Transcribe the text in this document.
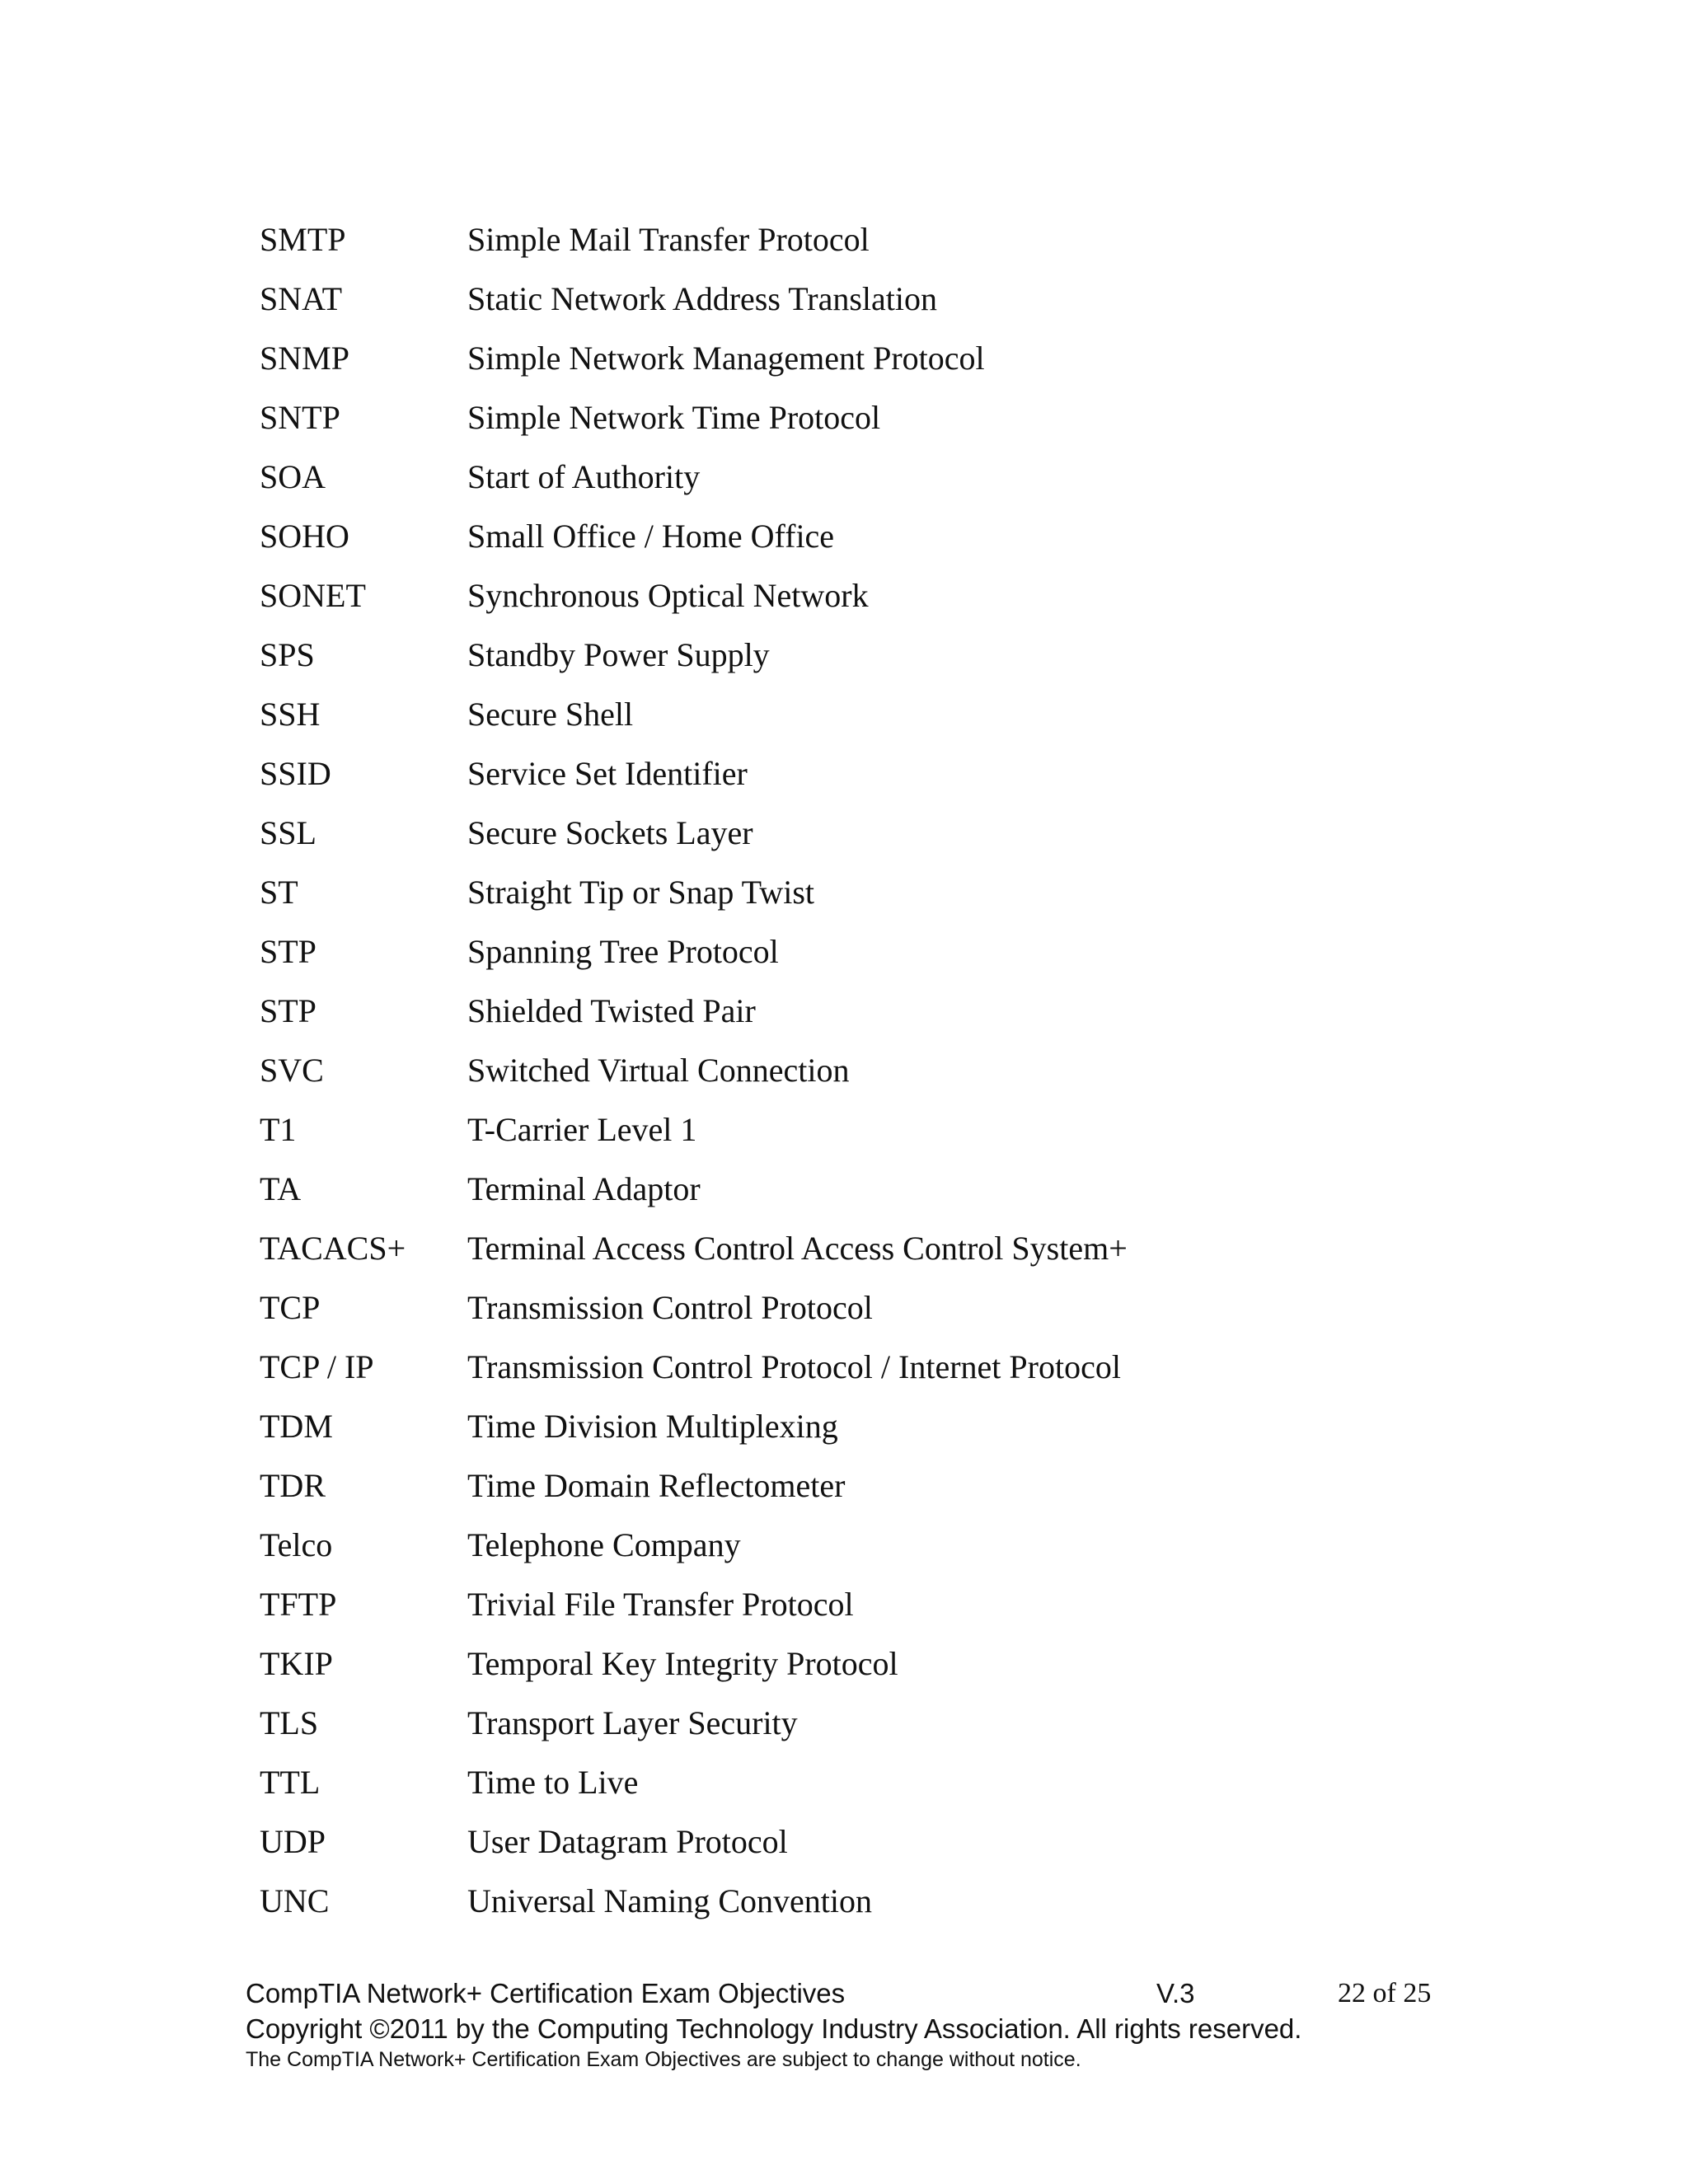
SMTP	Simple Mail Transfer Protocol
SNAT	Static Network Address Translation
SNMP	Simple Network Management Protocol
SNTP	Simple Network Time Protocol
SOA	Start of Authority
SOHO	Small Office / Home Office
SONET	Synchronous Optical Network
SPS	Standby Power Supply
SSH	Secure Shell
SSID	Service Set Identifier
SSL	Secure Sockets Layer
ST	Straight Tip or Snap Twist
STP	Spanning Tree Protocol
STP	Shielded Twisted Pair
SVC	Switched Virtual Connection
T1	T-Carrier Level 1
TA	Terminal Adaptor
TACACS+	Terminal Access Control Access Control System+
TCP	Transmission Control Protocol
TCP / IP	Transmission Control Protocol / Internet Protocol
TDM	Time Division Multiplexing
TDR	Time Domain Reflectometer
Telco	Telephone Company
TFTP	Trivial File Transfer Protocol
TKIP	Temporal Key Integrity Protocol
TLS	Transport Layer Security
TTL	Time to Live
UDP	User Datagram Protocol
UNC	Universal Naming Convention
CompTIA Network+ Certification Exam Objectives	V.3	22 of 25
Copyright ©2011 by the Computing Technology Industry Association. All rights reserved.
The CompTIA Network+ Certification Exam Objectives are subject to change without notice.
